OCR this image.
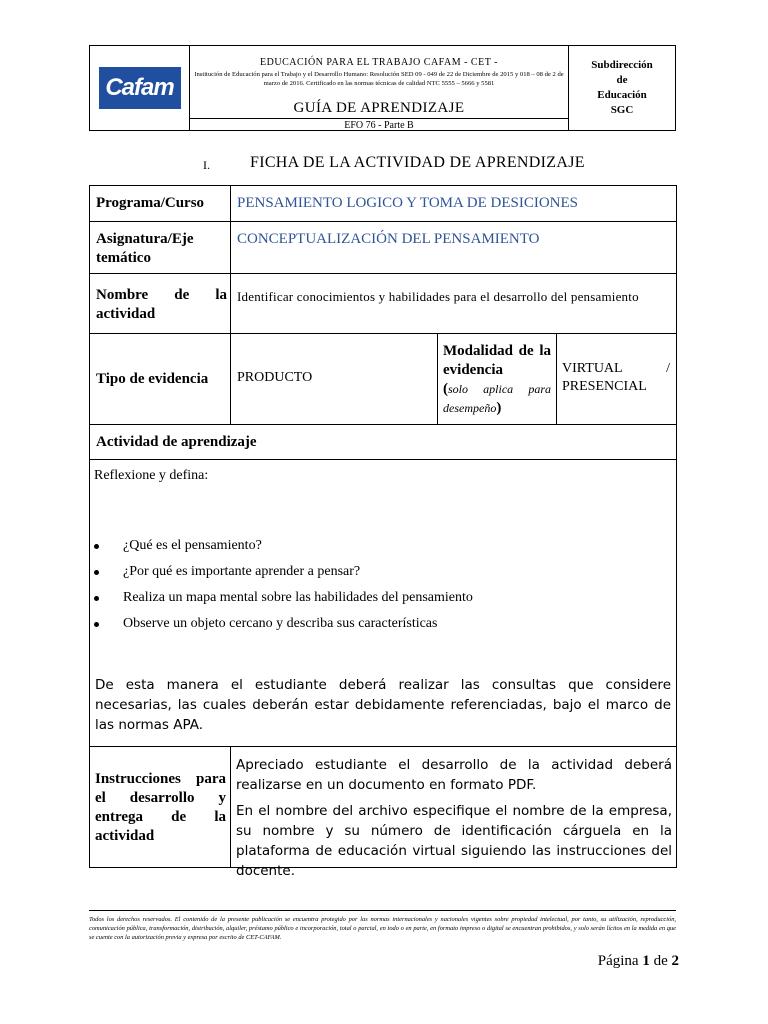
Cafam
EDUCACIÓN PARA EL TRABAJO CAFAM - CET -
Institución de Educación para el Trabajo y el Desarrollo Humano: Resolución SED 09 - 049 de 22 de Diciembre de 2015 y 018 – 08 de 2 de marzo de 2016. Certificado en las normas técnicas de calidad NTC 5555 – 5666 y 5581
GUÍA DE APRENDIZAJE
EFO 76 - Parte B
Subdirección
de
Educación
SGC
I.	FICHA DE LA ACTIVIDAD DE APRENDIZAJE
Programa/Curso PENSAMIENTO LOGICO Y TOMA DE DESICIONES
Asignatura/Eje temático
CONCEPTUALIZACIÓN DEL PENSAMIENTO
Nombre de la actividad
Identificar conocimientos y habilidades para el desarrollo del pensamiento
Tipo de evidencia PRODUCTO
Modalidad de la evidencia
(solo aplica para desempeño)
VIRTUAL / PRESENCIAL
Actividad de aprendizaje
Reflexione y defina:
¿Qué es el pensamiento?
¿Por qué es importante aprender a pensar?
Realiza un mapa mental sobre las habilidades del pensamiento
Observe un objeto cercano y describa sus características
De esta manera el estudiante deberá realizar las consultas que considere necesarias, las cuales deberán estar debidamente referenciadas, bajo el marco de las normas APA.
Instrucciones para el desarrollo y entrega de la actividad
Apreciado estudiante el desarrollo de la actividad deberá realizarse en un documento en formato PDF.
En el nombre del archivo especifique el nombre de la empresa, su nombre y su número de identificación cárguela en la plataforma de educación virtual siguiendo las instrucciones del docente.
Todos los derechos reservados. El contenido de la presente publicación se encuentra protegido por las normas internacionales y nacionales vigentes sobre propiedad intelectual, por tanto, su utilización, reproducción, comunicación pública, transformación, distribución, alquiler, préstamo público e incorporación, total o parcial, en todo o en parte, en formato impreso o digital se encuentran prohibidos, y solo serán lícitos en la medida en que se cuente con la autorización previa y expresa por escrito de CET-CAFAM.
Página 1 de 2
